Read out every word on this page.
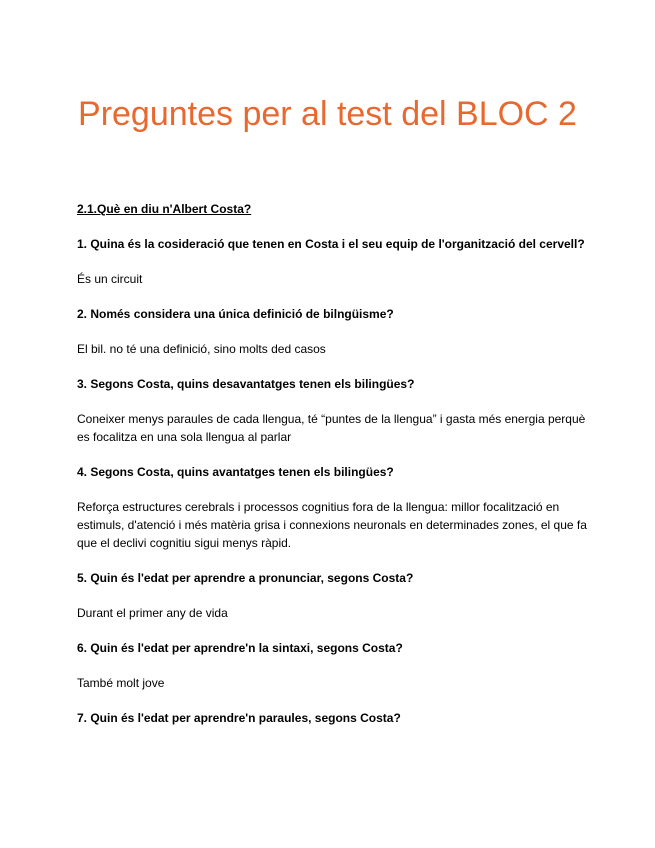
Preguntes per al test del BLOC 2

2.1.Què en diu n'Albert Costa?

1. Quina és la cosideració que tenen en Costa i el seu equip de l'organització del cervell?

És un circuit

2. Només considera una única definició de bilngüisme?

El bil. no té una definició, sino molts ded casos

3. Segons Costa, quins desavantatges tenen els bilingües?

Coneixer menys paraules de cada llengua, té “puntes de la llengua” i gasta més energia perquè es focalitza en una sola llengua al parlar

4. Segons Costa, quins avantatges tenen els bilingües?

Reforça estructures cerebrals i processos cognitius fora de la llengua: millor focalització en estimuls, d'atenció i més matèria grisa i connexions neuronals en determinades zones, el que fa que el declivi cognitiu sigui menys ràpid.

5. Quin és l'edat per aprendre a pronunciar, segons Costa?

Durant el primer any de vida

6. Quin és l'edat per aprendre'n la sintaxi, segons Costa?

També molt jove

7. Quin és l'edat per aprendre'n paraules, segons Costa?
